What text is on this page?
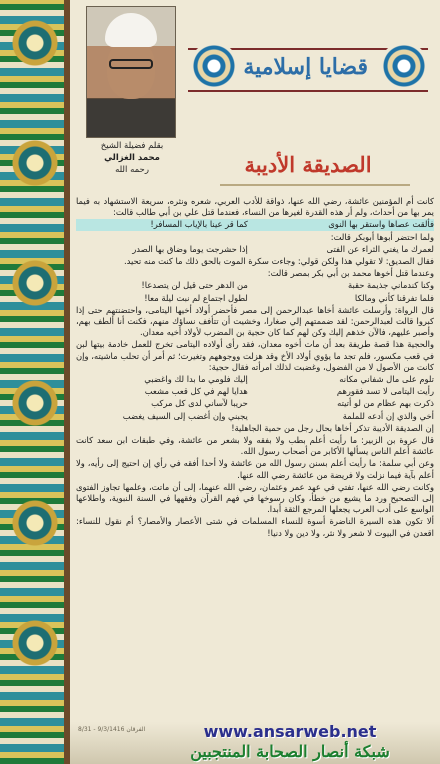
بقلم فضيلة الشيخ
محمد الغزالي
رحمه الله
قضايا إسلامية
الصديقة الأديبة

كانت أم المؤمنين عائشة، رضي الله عنها، ذواقة للأدب العربي، شعره ونثره، سريعة الاستشهاد به فيما يمر بها من أحداث، ولم أر هذه القدرة لغيرها من النساء، فعندما قتل علي بن أبي طالب قالت:

فألقت عصاها واستقر بها النوى
كما قر عينا بالإياب المسافر!

ولما احتضر أبوها أبوبكر قالت:

لعمرك ما يغني الثراء عن الفتى
إذا حشرجت يوما وضاق بها الصدر

فقال الصديق: لا تقولي هذا ولكن قولي: وجاءت سكرة الموت بالحق ذلك ما كنت منه تحيد.

وعندما قتل أخوها محمد بن أبي بكر بمصر قالت:

وكنا كندماني جذيمة حقبة
من الدهر حتى قيل لن يتصدعا!
فلما تفرقنا كأني ومالكا
لطول اجتماع لم نبت ليلة معا!

قال الرواة: وأرسلت عائشة أخاها عبدالرحمن إلى مصر فأحضر أولاد أخيها اليتامى، واحتضنتهم حتى إذا كبروا قالت لعبدالرحمن: لقد ضممتهم إلي صغارا، وخشيت أن تتأفف نساؤك منهم، فكنت أنا ألطف بهم، وأصبر عليهم، فالآن خذهم إليك وكن لهم كما كان حجية بن المضرب لأولاد أخيه معدان.

والحجية هذا قصة طريفة بعد أن مات أخوه معدان، فقد رأى أولاده اليتامى تخرج للعمل خادمة بيتها لبن في قعب مكسور، فلم تجد ما يؤوي أولاد الأخ وقد هزلت ووجوههم وتغيرت؛ ثم أمر أن تحلب ماشيته، وإن كانت من الأصول لا من الفضول، وغضبت لذلك امرأته فقال حجية:

تلوم على مال شفاني مكانه
إليك فلومي ما بدا لك واغضبي
رأيت اليتامى لا تسد فقورهم
هدايا لهم في كل قعب مشعب
ذكرت بهم عظام من لو أتيته
حريبا لآساني لدى كل مركب
أخي والذي إن أدعه للملمة
يجبني وإن أغضب إلى السيف يغضب

إن الصديقة الأديبة تذكر أخاها بحال رجل من حمية الجاهلية!

قال عروة بن الزبير: ما رأيت أعلم بطب ولا بفقه ولا بشعر من عائشة، وفي طبقات ابن سعد كانت عائشة أعلم الناس يسألها الأكابر من أصحاب رسول الله.

وعن أبي سلمة: ما رأيت أعلم بسنن رسول الله من عائشة ولا أحدا أفقه في رأي إن احتيج إلى رأيه، ولا أعلم بآية فيما نزلت ولا فريضة من عائشة رضي الله عنها.

وكانت رضي الله عنها، تفتي في عهد عمر وعثمان، رضي الله عنهما، إلى أن ماتت، وعلمها تجاوز الفتوى إلى التصحيح ورد ما يشيع من خطأ، وكان رسوخها في فهم القرآن وفقهها في السنة النبوية، واطلاعها الواسع على أدب العرب يجعلها المرجع الثقة أبدا.

ألا تكون هذه السيرة الناضرة أسوة للنساء المسلمات في شتى الأعصار والأمصار؟ أم نقول للنساء: اقعدن في البيوت لا شعر ولا نثر، ولا دين ولا دنيا!

الفرقان 9/3/1416 - 8/31	www.ansarweb.net
شبكة أنصار الصحابة المنتجبين
